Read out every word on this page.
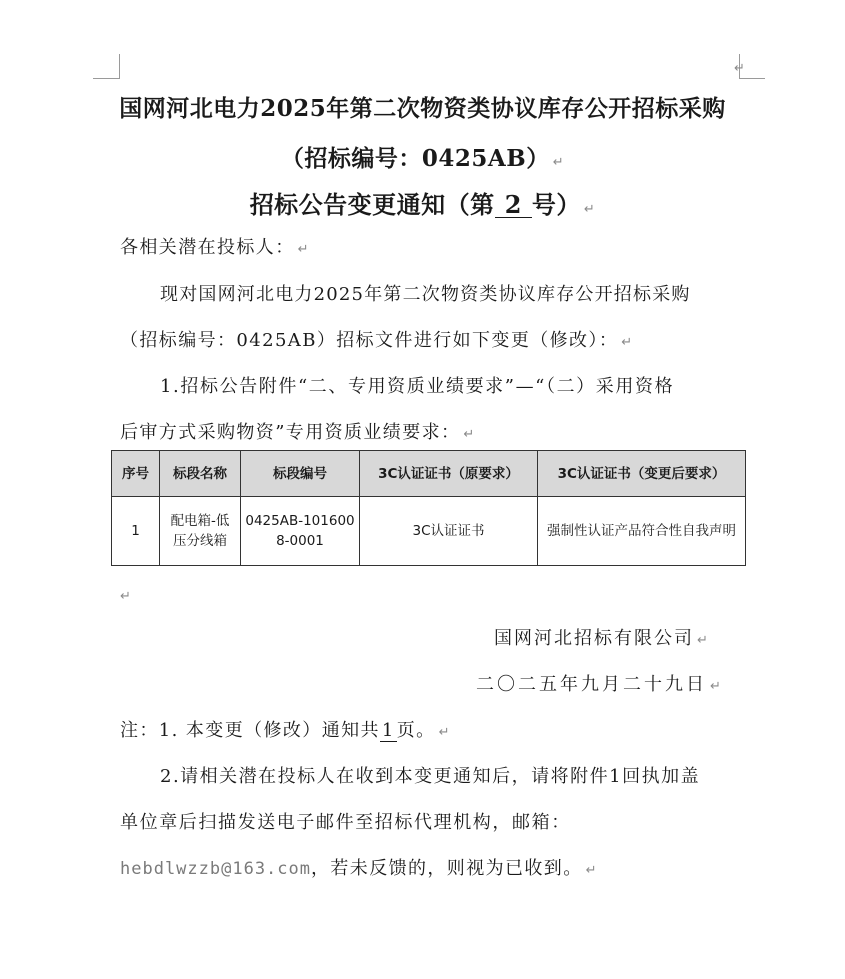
↵
国网河北电力2025年第二次物资类协议库存公开招标采购
（招标编号：0425AB） ↵
招标公告变更通知（第 2 号） ↵
各相关潜在投标人： ↵
现对国网河北电力2025年第二次物资类协议库存公开招标采购
（招标编号：0425AB）招标文件进行如下变更（修改）： ↵
1.招标公告附件“二、专用资质业绩要求”—“（二）采用资格
后审方式采购物资”专用资质业绩要求： ↵
序号	标段名称	标段编号	3C认证证书（原要求）	3C认证证书（变更后要求）
1	配电箱-低压分线箱	0425AB-1016008-0001	3C认证证书	强制性认证产品符合性自我声明
↵
国网河北招标有限公司 ↵
二〇二五年九月二十九日 ↵
注：1. 本变更（修改）通知共 1 页。 ↵
2.请相关潜在投标人在收到本变更通知后，请将附件1回执加盖
单位章后扫描发送电子邮件至招标代理机构，邮箱：
hebdlwzzb@163.com，若未反馈的，则视为已收到。 ↵
